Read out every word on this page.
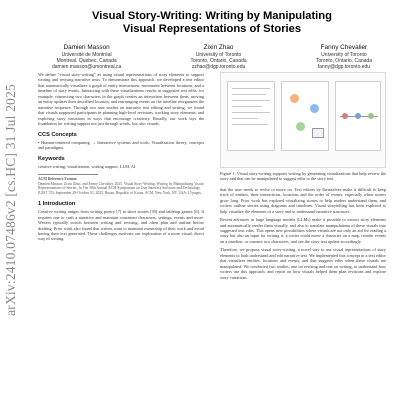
arXiv:2410.07486v2 [cs.HC] 31 Jul 2025
Visual Story-Writing: Writing by Manipulating
Visual Representations of Stories
Damien Masson
Université de Montréal
Montreal, Quebec, Canada
damien.masson@umontreal.ca
Zixin Zhao
University of Toronto
Toronto, Ontario, Canada
zzhao@dgp.toronto.edu
Fanny Chevalier
University of Toronto
Toronto, Ontario, Canada
fanny@dgp.toronto.edu
We define "visual story-writing" as using visual representations of story elements to support writing and revising narrative texts. To demonstrate this approach, we developed a text editor that automatically visualizes a graph of entity interactions, movement between locations, and a timeline of story events. Interacting with these visualizations results in suggested text edits: for example, connecting two characters in the graph creates an interaction between them, moving an entity updates their described location, and rearranging events on the timeline reorganizes the narrative sequence. Through two user studies on narrative text editing and writing, we found that visuals supported participants in planning high-level revisions, tracking story elements, and exploring story variations in ways that encourage creativity. Broadly, our work lays the foundation for writing support not just through words, but also visuals.
CCS Concepts
• Human-centered computing → Interactive systems and tools; Visualization theory, concepts and paradigms.
Keywords
creative writing, visualization, writing support, LLM, AI
ACM Reference Format:
Damien Masson, Zixin Zhao, and Fanny Chevalier. 2025. Visual Story-Writing: Writing by Manipulating Visual Representations of Stories. In The 38th Annual ACM Symposium on User Interface Software and Technology (UIST '25), September 28-October 01, 2025, Busan, Republic of Korea. ACM, New York, NY, USA, 15 pages.
1 Introduction
Creative writing ranges from writing poetry [7] to short stories [39] and tabletop games [6]. It requires one to craft a narrative and maintain consistent characters, settings, events and more. Writers typically switch between writing and revising, and often plan and outline before drafting. Prior work also found that writers want to maintain ownership of their work and avoid having their text generated. These challenges motivate our exploration of a more visual, direct way of writing.
Figure 1: Visual story-writing supports writing by generating visualizations that help review the story and that can be manipulated to suggest edits to the story text.
that the user needs to revise to move on. Text editors by themselves make it difficult to keep track of entities, their interactions, locations and the order of events, especially when stories grow long. Prior work has explored visualizing stories to help readers understand them, and writers outline stories using diagrams and timelines. Visual storytelling has been explored to help visualize the elements of a story and to understand narrative structures.
Recent advances in large language models (LLMs) make it possible to extract story elements and automatically render them visually, and also to translate manipulations of these visuals into suggested text edits. This opens new possibilities where visuals are not only an aid for reading a story but also an input for writing it: a writer could move a character on a map, reorder events on a timeline, or connect two characters, and see the story text update accordingly.
Therefore, we propose visual story-writing, a novel way to use visual representations of story elements to both understand and edit narrative text. We implemented this concept in a text editor that visualizes entities, locations and events, and that suggests edits when these visuals are manipulated. We conducted two studies, one on revising and one on writing, to understand how writers use this approach, and report on how visuals helped them plan revisions and explore story variations.
